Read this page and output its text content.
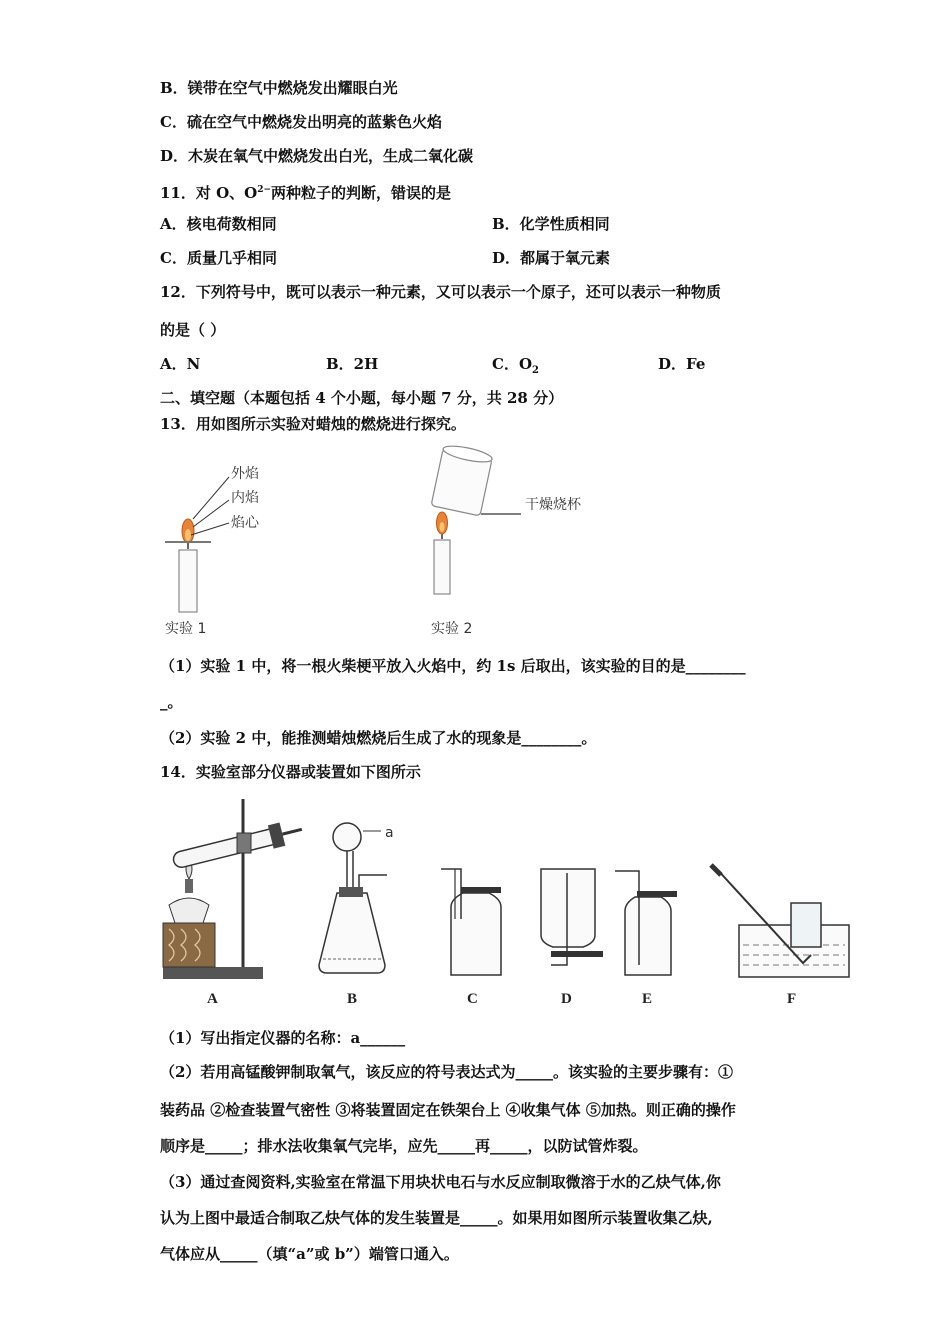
B．镁带在空气中燃烧发出耀眼白光
C．硫在空气中燃烧发出明亮的蓝紫色火焰
D．木炭在氧气中燃烧发出白光，生成二氧化碳
11．对 O、$O^{2-}$两种粒子的判断，错误的是
A．核电荷数相同	B．化学性质相同
C．质量几乎相同	D．都属于氧元素
12．下列符号中，既可以表示一种元素，又可以表示一个原子，还可以表示一种物质
的是（ ）
A．N	B．2H	C．$O_2$	D．Fe
二、填空题（本题包括 4 个小题，每小题 7 分，共 28 分）
13．用如图所示实验对蜡烛的燃烧进行探究。
外焰
内焰
焰心
实验 1
干燥烧杯
实验 2
（1）实验 1 中，将一根火柴梗平放入火焰中，约 1s 后取出，该实验的目的是________
_。
（2）实验 2 中，能推测蜡烛燃烧后生成了水的现象是________。
14．实验室部分仪器或装置如下图所示
A
a
B	C	D	E	F
（1）写出指定仪器的名称：a______
（2）若用高锰酸钾制取氧气，该反应的符号表达式为_____。该实验的主要步骤有：①
装药品 ②检查装置气密性 ③将装置固定在铁架台上 ④收集气体 ⑤加热。则正确的操作
顺序是_____；排水法收集氧气完毕，应先_____再_____，以防试管炸裂。
（3）通过查阅资料,实验室在常温下用块状电石与水反应制取微溶于水的乙炔气体,你
认为上图中最适合制取乙炔气体的发生装置是_____。如果用如图所示装置收集乙炔,
气体应从_____（填“a”或 b”）端管口通入。
